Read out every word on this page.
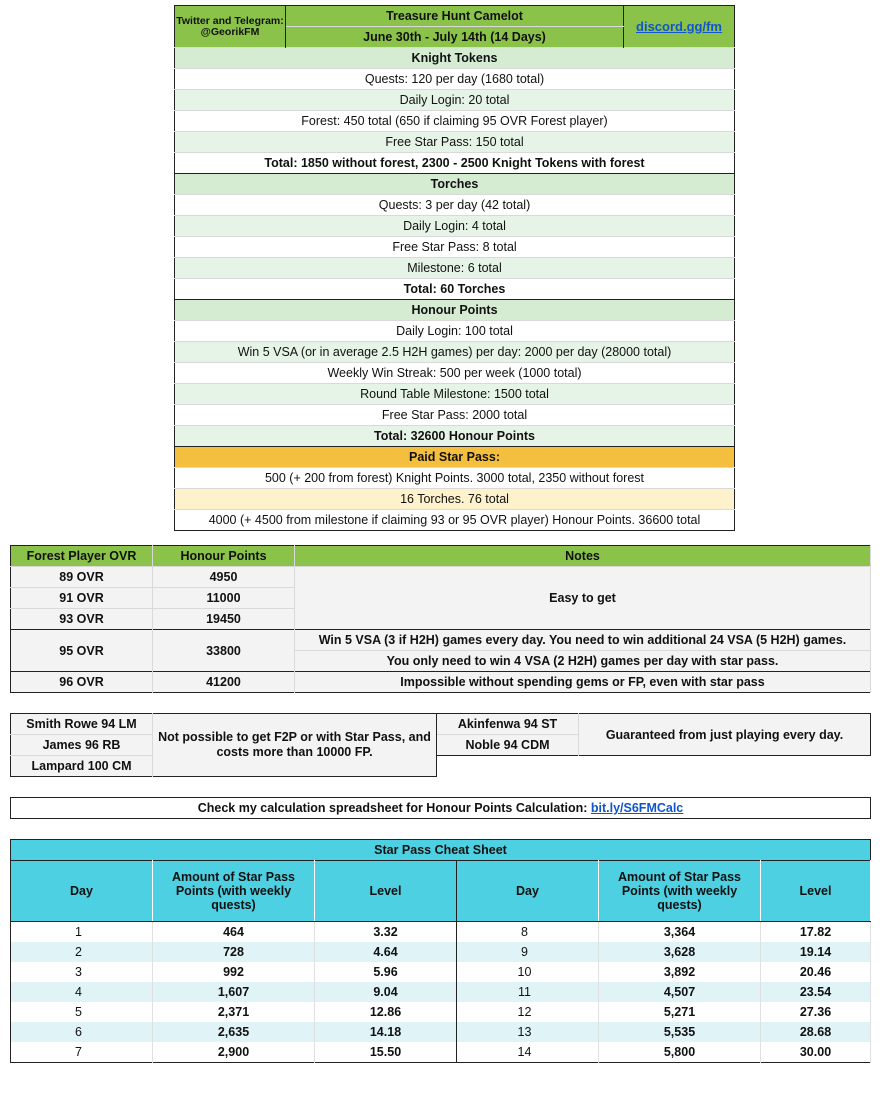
Twitter and Telegram: @GeorikFM	Treasure Hunt Camelot	discord.gg/fm
June 30th - July 14th (14 Days)
Knight Tokens
Quests: 120 per day (1680 total)
Daily Login: 20 total
Forest: 450 total (650 if claiming 95 OVR Forest player)
Free Star Pass: 150 total
Total: 1850 without forest, 2300 - 2500 Knight Tokens with forest
Torches
Quests: 3 per day (42 total)
Daily Login: 4 total
Free Star Pass: 8 total
Milestone: 6 total
Total: 60 Torches
Honour Points
Daily Login: 100 total
Win 5 VSA (or in average 2.5 H2H games) per day: 2000 per day (28000 total)
Weekly Win Streak: 500 per week (1000 total)
Round Table Milestone: 1500 total
Free Star Pass: 2000 total
Total: 32600 Honour Points
Paid Star Pass:
500 (+ 200 from forest) Knight Points. 3000 total, 2350 without forest
16 Torches. 76 total
4000 (+ 4500 from milestone if claiming 93 or 95 OVR player) Honour Points. 36600 total
Forest Player OVR	Honour Points	Notes
89 OVR	4950	Easy to get
91 OVR	11000	
93 OVR	19450	
95 OVR	33800	Win 5 VSA (3 if H2H) games every day. You need to win additional 24 VSA (5 H2H) games.
		You only need to win 4 VSA (2 H2H) games per day with star pass.
96 OVR	41200	Impossible without spending gems or FP, even with star pass
Smith Rowe 94 LM	Not possible to get F2P or with Star Pass, and costs more than 10000 FP.
James 96 RB
Lampard 100 CM
Akinfenwa 94 ST	Guaranteed from just playing every day.
Noble 94 CDM
Check my calculation spreadsheet for Honour Points Calculation: bit.ly/S6FMCalc
Star Pass Cheat Sheet					
Day	Amount of Star Pass Points (with weekly quests)	Level	Day	Amount of Star Pass Points (with weekly quests)	Level
1	464	3.32	8	3,364	17.82
2	728	4.64	9	3,628	19.14
3	992	5.96	10	3,892	20.46
4	1,607	9.04	11	4,507	23.54
5	2,371	12.86	12	5,271	27.36
6	2,635	14.18	13	5,535	28.68
7	2,900	15.50	14	5,800	30.00
